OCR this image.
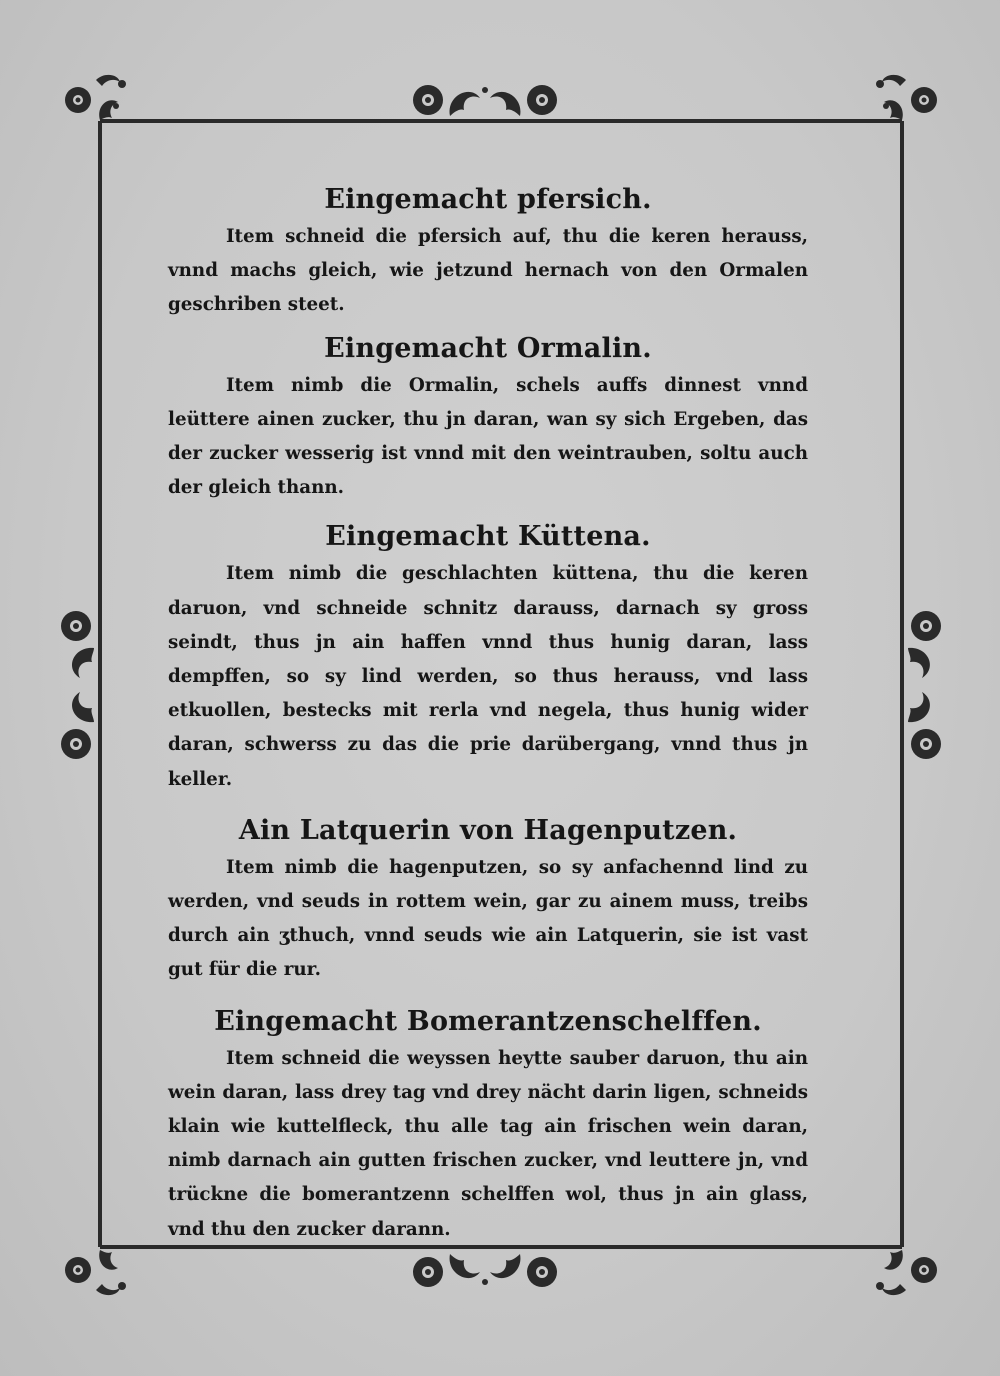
Eingemacht pfersich.

Item schneid die pfersich auf, thu die keren herauss, vnnd machs gleich, wie jetzund hernach von den Ormalen geschriben steet.

Eingemacht Ormalin.

Item nimb die Ormalin, schels auffs dinnest vnnd leüttere ainen zucker, thu jn daran, wan sy sich Ergeben, das der zucker wesserig ist vnnd mit den weintrauben, soltu auch der gleich thann.

Eingemacht Küttena.

Item nimb die geschlachten küttena, thu die keren daruon, vnd schneide schnitz darauss, darnach sy gross seindt, thus jn ain haffen vnnd thus hunig daran, lass dempffen, so sy lind werden, so thus herauss, vnd lass etkuollen, bestecks mit rerla vnd negela, thus hunig wider daran, schwerss zu das die prie darübergang, vnnd thus jn keller.

Ain Latquerin von Hagenputzen.

Item nimb die hagenputzen, so sy anfachennd lind zu werden, vnd seuds in rottem wein, gar zu ainem muss, treibs durch ain ʒthuch, vnnd seuds wie ain Latquerin, sie ist vast gut für die rur.

Eingemacht Bomerantzenschelffen.

Item schneid die weyssen heytte sauber daruon, thu ain wein daran, lass drey tag vnd drey nächt darin ligen, schneids klain wie kuttelfleck, thu alle tag ain frischen wein daran, nimb darnach ain gutten frischen zucker, vnd leuttere jn, vnd trückne die bomerantzenn schelffen wol, thus jn ain glass, vnd thu den zucker darann.
